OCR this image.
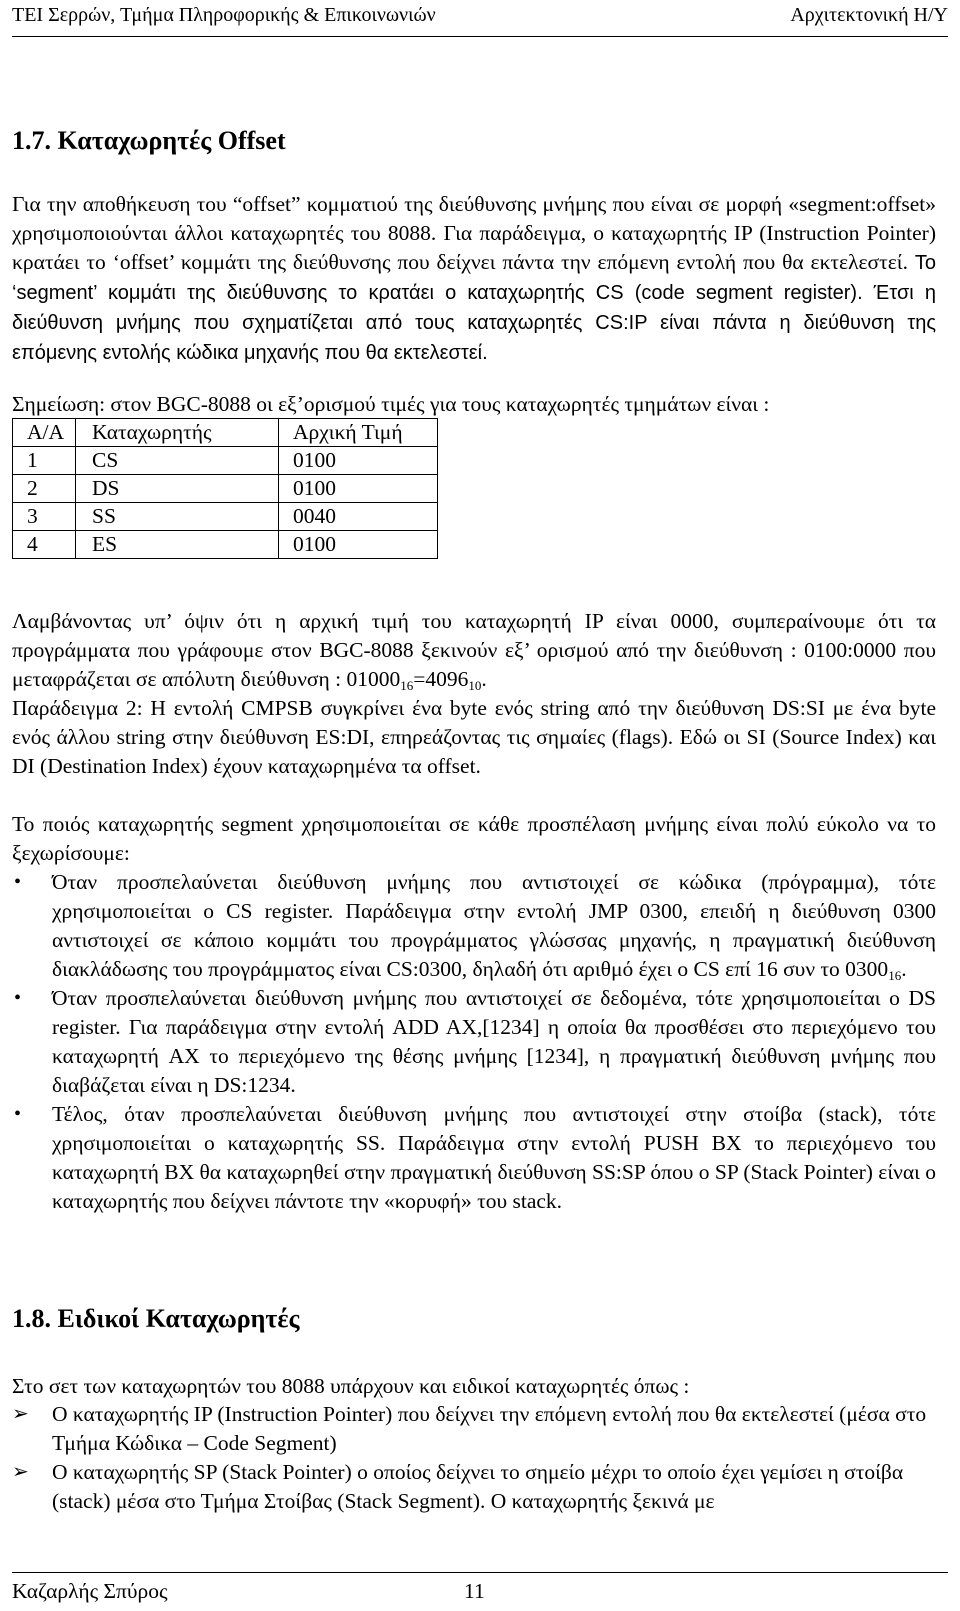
ΤΕΙ Σερρών, Τμήμα Πληροφορικής & Επικοινωνιών	Αρχιτεκτονική Η/Υ
1.7. Καταχωρητές Offset

Για την αποθήκευση του “offset” κομματιού της διεύθυνσης μνήμης που είναι σε μορφή «segment:offset» χρησιμοποιούνται άλλοι καταχωρητές του 8088. Για παράδειγμα, ο καταχωρητής IP (Instruction Pointer) κρατάει το ‘offset’ κομμάτι της διεύθυνσης που δείχνει πάντα την επόμενη εντολή που θα εκτελεστεί. Το ‘segment’ κομμάτι της διεύθυνσης το κρατάει ο καταχωρητής CS (code segment register). Έτσι η διεύθυνση μνήμης που σχηματίζεται από τους καταχωρητές CS:IP είναι πάντα η διεύθυνση της επόμενης εντολής κώδικα μηχανής που θα εκτελεστεί.

Σημείωση: στον BGC-8088 οι εξ’ορισμού τιμές για τους καταχωρητές τμημάτων είναι :

Α/Α	Καταχωρητής	Αρχική Τιμή
1	CS	0100
2	DS	0100
3	SS	0040
4	ES	0100

Λαμβάνοντας υπ’ όψιν ότι η αρχική τιμή του καταχωρητή IP είναι 0000, συμπεραίνουμε ότι τα προγράμματα που γράφουμε στον BGC-8088 ξεκινούν εξ’ ορισμού από την διεύθυνση : 0100:0000 που μεταφράζεται σε απόλυτη διεύθυνση : $01000_{16}=4096_{10}$.

Παράδειγμα 2: Η εντολή CMPSB συγκρίνει ένα byte ενός string από την διεύθυνση DS:SI με ένα byte ενός άλλου string στην διεύθυνση ES:DI, επηρεάζοντας τις σημαίες (flags). Εδώ οι SI (Source Index) και DI (Destination Index) έχουν καταχωρημένα τα offset.

Το ποιός καταχωρητής segment χρησιμοποιείται σε κάθε προσπέλαση μνήμης είναι πολύ εύκολο να το ξεχωρίσουμε:

• Όταν προσπελαύνεται διεύθυνση μνήμης που αντιστοιχεί σε κώδικα (πρόγραμμα), τότε χρησιμοποιείται ο CS register. Παράδειγμα στην εντολή JMP 0300, επειδή η διεύθυνση 0300 αντιστοιχεί σε κάποιο κομμάτι του προγράμματος γλώσσας μηχανής, η πραγματική διεύθυνση διακλάδωσης του προγράμματος είναι CS:0300, δηλαδή ότι αριθμό έχει ο CS επί 16 συν το $0300_{16}$.
• Όταν προσπελαύνεται διεύθυνση μνήμης που αντιστοιχεί σε δεδομένα, τότε χρησιμοποιείται ο DS register. Για παράδειγμα στην εντολή ADD AX,[1234] η οποία θα προσθέσει στο περιεχόμενο του καταχωρητή AX το περιεχόμενο της θέσης μνήμης [1234], η πραγματική διεύθυνση μνήμης που διαβάζεται είναι η DS:1234.
• Τέλος, όταν προσπελαύνεται διεύθυνση μνήμης που αντιστοιχεί στην στοίβα (stack), τότε χρησιμοποιείται ο καταχωρητής SS. Παράδειγμα στην εντολή PUSH BX το περιεχόμενο του καταχωρητή BX θα καταχωρηθεί στην πραγματική διεύθυνση SS:SP όπου ο SP (Stack Pointer) είναι ο καταχωρητής που δείχνει πάντοτε την «κορυφή» του stack.
1.8. Ειδικοί Καταχωρητές

Στο σετ των καταχωρητών του 8088 υπάρχουν και ειδικοί καταχωρητές όπως :

➢ Ο καταχωρητής IP (Instruction Pointer) που δείχνει την επόμενη εντολή που θα εκτελεστεί (μέσα στο Τμήμα Κώδικα – Code Segment)
➢ Ο καταχωρητής SP (Stack Pointer) ο οποίος δείχνει το σημείο μέχρι το οποίο έχει γεμίσει η στοίβα (stack) μέσα στο Τμήμα Στοίβας (Stack Segment). Ο καταχωρητής ξεκινά με
Καζαρλής Σπύρος	11
